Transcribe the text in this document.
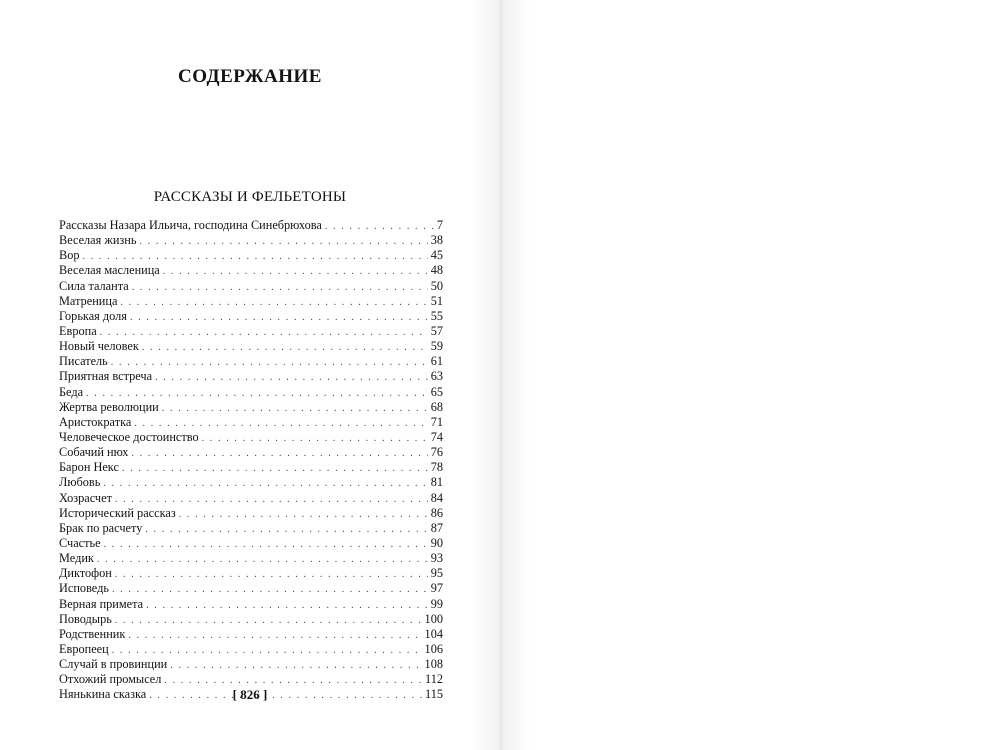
СОДЕРЖАНИЕ
РАССКАЗЫ И ФЕЛЬЕТОНЫ
Рассказы Назара Ильича, господина Синебрюхова . . .	7
Веселая жизнь . . .	38
Вор . . .	45
Веселая масленица . . .	48
Сила таланта . . .	50
Матреница . . .	51
Горькая доля . . .	55
Европа . . .	57
Новый человек . . .	59
Писатель . . .	61
Приятная встреча . . .	63
Беда . . .	65
Жертва революции . . .	68
Аристократка . . .	71
Человеческое достоинство . . .	74
Собачий нюх . . .	76
Барон Некс . . .	78
Любовь . . .	81
Хозрасчет . . .	84
Исторический рассказ . . .	86
Брак по расчету . . .	87
Счастье . . .	90
Медик . . .	93
Диктофон . . .	95
Исповедь . . .	97
Верная примета . . .	99
Поводырь . . .	100
Родственник . . .	104
Европеец . . .	106
Случай в провинции . . .	108
Отхожий промысел . . .	112
Нянькина сказка . . .	115
[ 826 ]
